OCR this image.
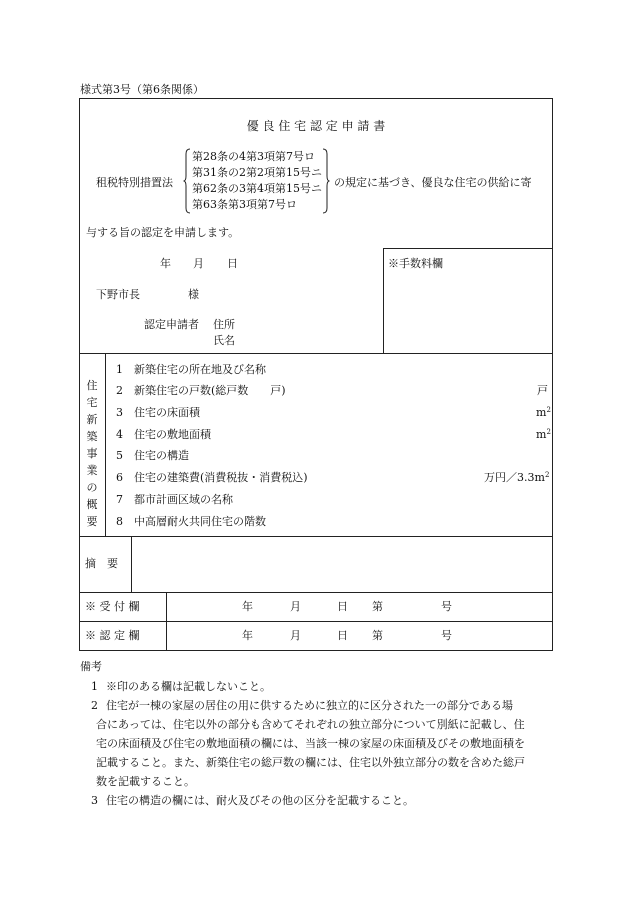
様式第3号（第6条関係）
優 良 住 宅 認 定 申 請 書
租税特別措置法
第28条の4第3項第7号ロ
第31条の2第2項第15号ニ
第62条の3第4項第15号ニ
第63条第3項第7号ロ
の規定に基づき、優良な住宅の供給に寄
与する旨の認定を申請します。
※手数料欄
年 月 日
下野市長	様
認定申請者 住所
氏名
住宅新築事業の概要
1 新築住宅の所在地及び名称
2 新築住宅の戸数(総戸数　　戸)	戸
3 住宅の床面積	$m^2$
4 住宅の敷地面積	$m^2$
5 住宅の構造
6 住宅の建築費(消費税抜・消費税込)	万円$/3.3m^2$
7 都市計画区域の名称
8 中高層耐火共同住宅の階数
摘　要
※ 受 付 欄	年	月	日 第	号
※ 認 定 欄	年	月	日 第	号
備考
1 ※印のある欄は記載しないこと。
2 住宅が一棟の家屋の居住の用に供するために独立的に区分された一の部分である場
合にあっては、住宅以外の部分も含めてそれぞれの独立部分について別紙に記載し、住
宅の床面積及び住宅の敷地面積の欄には、当該一棟の家屋の床面積及びその敷地面積を
記載すること。また、新築住宅の総戸数の欄には、住宅以外独立部分の数を含めた総戸
数を記載すること。
3 住宅の構造の欄には、耐火及びその他の区分を記載すること。
